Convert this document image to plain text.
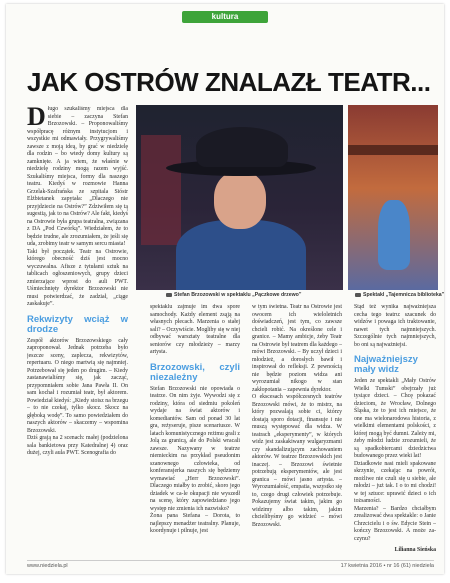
kultura
JAK OSTRÓW ZNALAZŁ TEATR...
D ługo szukaliśmy miejsca dla siebie – zaczyna Stefan Brzozowski. – Proponowaliśmy współpracę różnym instytucjom i wszystkie mi odmawiały. Przygrywaliśmy zawsze z moją ideą, by grać w niedzielę dla rodzin – bo wtedy domy kultury są zamknięte. A ja wiem, że właśnie w niedzielę rodziny mogą razem wyjść. Szukaliśmy miejsca, formy dla naszego teatru. Kiedyś w rozmowie Hanna Grzelak-Szafrańska ze szpitala Sióstr Elżbietanek zapytała: „Dlaczego nie przyjdziecie na Ostrów?” Zdziwiłem się tą sugestią, jak to na Ostrów? Ale fakt, kiedyś na Ostrowie była grupa teatralna, związana z DA „Pod Czwórką”. Wiedziałem, że to będzie trudne, ale zrozumiałem, że jeśli się uda, zrobimy teatr w samym sercu miasta!

Taki był początek. Teatr na Ostrowie, którego obecność dziś jest mocno wyczuwalna. Afisze z tytułami sztuk na tablicach ogłoszeniowych, grupy dzieci zmierzające wprost do auli PWT. Uśmiechnięty dyrektor Brzozowski nie musi potwierdzać, że zadział, „ciąge zaskakuje”.

Rekwizyty wciąż w drodze

Zespół aktorów Brzozowskiego cały zaproponował. Jednak potrzeba było jeszcze sceny, zaplecza, rekwizytów, repertuaru. O niego martwią się najmniej. Potrzebował się jeden po drugim. – Kiedy zastanawialiśmy się, jak zacząć, przypomniałem sobie Jana Pawła II. On sam kochał i rozumiał teatr, był aktorem. Powiedział kiedyś: „Kiedy stoisz na brzegu – to nie czekaj, tylko skocz. Skocz na głęboką wodę”. To samo powiedziałem do naszych aktorów – skaczemy – wspomina Brzozowski.

Dziś grają na 2 scenach: małej (podzielona sala bankietowa przy Katedralnej 4) oraz dużej, czyli aula PWT. Scenografia do

Stefan Brzozowski w spektaklu „Pączkowe drzewo”	Spektakl „Tajemnicza biblioteka”

spektaklu zajmuje im dwa spore samochody. Każdy element zsąją na własnych plecach. Marzenia o stałej sali? – Oczywiście. Mogliby się w niej odbywać warsztaty teatralne dla seniorów czy młodzieży – marzy artysta.

Brzozowski, czyli niezależny

Stefan Brzozowski nie opowiada o teatrze. On nim żyje. Wywodzi się z rodziny, która od siedmiu pokoleń wydaje na świat aktorów i komediantów. Sam od ponad 30 lat gra, reżyseruje, pisze scenariusze. W latach komunistycznego reżimu grali z Jolą za granicą, ale do Polski wracali zawsze. Nazywany w teatrze niemieckim na przykład pseudonim szanownego człowieka, od konferansjerka naszych się będziemy wymawiać „Herr Brzozowski”. Dlaczego miałby to zrobić, skoro jego dziadek w ca-le okupacji nie wyszedł na scenę, który zapowiedziano jego występ nie zmienia ich nazwisko?

Żona pana Stefana – Dorota, to najlepszy menadżer teatralny. Planuje, koordynuje i pilnuje, jest

w tym świetna. Teatr na Ostrowie jest owocem ich wieloletnich doświadczeń, jest tym, co zawsze chcieli robić. Na określone cele i granice. – Mamy ambicje, żeby Teatr na Ostrowie był teatrem dla każdego – mówi Brzozowski. – By uczył dzieci i młodzież, a dorosłych bawił i inspirował do refleksji. Z pewnością nie będzie poziom widza ani wyrozumiał nikogo w stan zakłopotania – zapewnia dyrektor.

O ekscesach współczesnych teatrów Brzozowski mówi, że to mistrz, na który pozwalają sobie ci, którzy dostają sporo dotacji, finansuje i nie muszą występować dla widza. W teatrach „eksperymenty”, w których widz jest zaskakiwany wulgaryzmami czy skandalizującym zachowaniem aktorów. W teatrze Brzozowskich jest inaczej. – Brzozowi świetnie potrzebują eksperymentów, ale jest granica – mówi jasno artysta. – Wyrozumiałość, empatia, wszystko się to, czego drugi człowiek potrzebuje. Pokazujemy świat takim, jakim go widzimy albo takim, jakim chcielibyśmy go widzieć – mówi Brzozowski.

Stąd też wynika najważniejsza cecha tego teatru: szacunek do widzów i powaga ich traktowanie, nawet tych najmniejszych. Szczególnie tych najmniejszych, bo oni są najważniejsi.

Najważniejszy mały widz

Jeden ze spektakli „Mały Ostrów Wielki Tumski” obejrzały już tysiące dzieci. – Chcę pokazać dzieciom, że Wrocław, Dolnego Śląska, że to jest ich miejsce, że one ma wielonarodowa historia, z wielkimi elementami polskości, z której mogą być dumni. Zależy mi, żeby młodzi ludzie zrozumieli, że są spadkobiercami dziedzictwa budowanego przez wieki lat!

Dziadkowie nasi mieli spakowane skrzynie, czekając na powrót, możliwe nie czuli się u siebie, ale młodzi – już tak. I o to mi chodzi! w tej sztuce: uprawić dzieci o ich tożsamości.

Marzenia? – Bardzo chciałbym zrealizować dwa spektakle: o Janie Chrzcicielu i o św. Edycie Stein – kończy Brzozowski. A może za-czynu?

Lilianna Sieńska

www.niedziela.pl	17 kwietnia 2016 • nr 16 (61) niedziela
